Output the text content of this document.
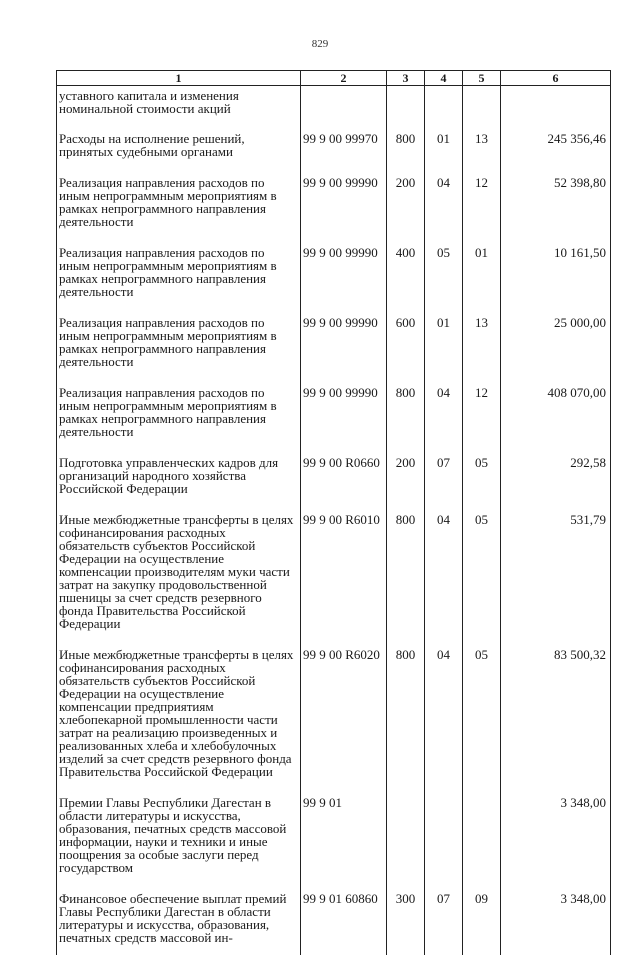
829
1	2	3	4	5	6
уставного капитала и изменения номинальной стоимости акций					
Расходы на исполнение решений, принятых судебными органами	99 9 00 99970	800	01	13	245 356,46
Реализация направления расходов по иным непрограммным мероприятиям в рамках непрограммного направления деятельности	99 9 00 99990	200	04	12	52 398,80
Реализация направления расходов по иным непрограммным мероприятиям в рамках непрограммного направления деятельности	99 9 00 99990	400	05	01	10 161,50
Реализация направления расходов по иным непрограммным мероприятиям в рамках непрограммного направления деятельности	99 9 00 99990	600	01	13	25 000,00
Реализация направления расходов по иным непрограммным мероприятиям в рамках непрограммного направления деятельности	99 9 00 99990	800	04	12	408 070,00
Подготовка управленческих кадров для организаций народного хозяйства Российской Федерации	99 9 00 R0660	200	07	05	292,58
Иные межбюджетные трансферты в целях софинансирования расходных обязательств субъектов Российской Федерации на осуществление компенсации производителям муки части затрат на закупку продовольственной пшеницы за счет средств резервного фонда Правительства Российской Федерации	99 9 00 R6010	800	04	05	531,79
Иные межбюджетные трансферты в целях софинансирования расходных обязательств субъектов Российской Федерации на осуществление компенсации предприятиям хлебопекарной промышленности части затрат на реализацию произведенных и реализованных хлеба и хлебобулочных изделий за счет средств резервного фонда Правительства Российской Федерации	99 9 00 R6020	800	04	05	83 500,32
Премии Главы Республики Дагестан в области литературы и искусства, образования, печатных средств массовой информации, науки и техники и иные поощрения за особые заслуги перед государством	99 9 01				3 348,00
Финансовое обеспечение выплат премий Главы Республики Дагестан в области литературы и искусства, образования, печатных средств массовой ин-	99 9 01 60860	300	07	09	3 348,00
